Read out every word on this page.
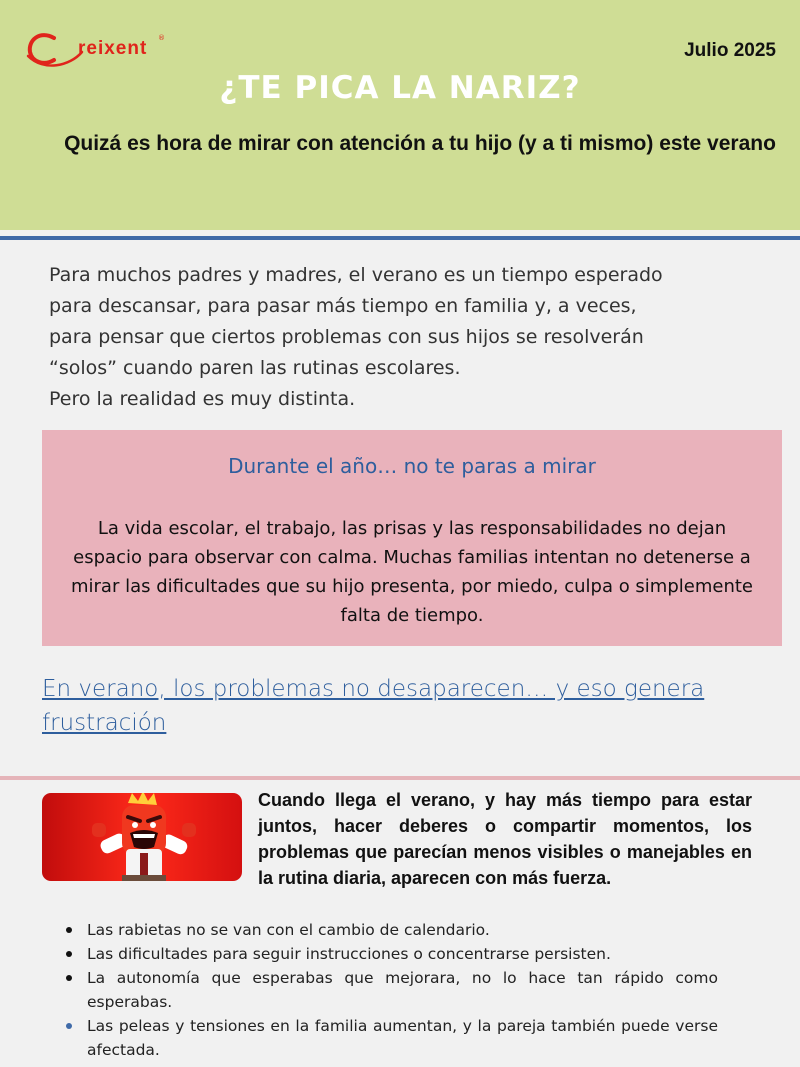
reixent ®
Julio 2025
¿TE PICA LA NARIZ?
Quizá es hora de mirar con atención a tu hijo (y a ti mismo) este verano
Para muchos padres y madres, el verano es un tiempo esperado
para descansar, para pasar más tiempo en familia y, a veces,
para pensar que ciertos problemas con sus hijos se resolverán
“solos” cuando paren las rutinas escolares.
Pero la realidad es muy distinta.
Durante el año… no te paras a mirar
La vida escolar, el trabajo, las prisas y las responsabilidades no dejan espacio para observar con calma. Muchas familias intentan no detenerse a mirar las dificultades que su hijo presenta, por miedo, culpa o simplemente falta de tiempo.
En verano, los problemas no desaparecen… y eso genera frustración
Cuando llega el verano, y hay más tiempo para estar juntos, hacer deberes o compartir momentos, los problemas que parecían menos visibles o manejables en la rutina diaria, aparecen con más fuerza.
Las rabietas no se van con el cambio de calendario.
Las dificultades para seguir instrucciones o concentrarse persisten.
La autonomía que esperabas que mejorara, no lo hace tan rápido como esperabas.
Las peleas y tensiones en la familia aumentan, y la pareja también puede verse afectada.
